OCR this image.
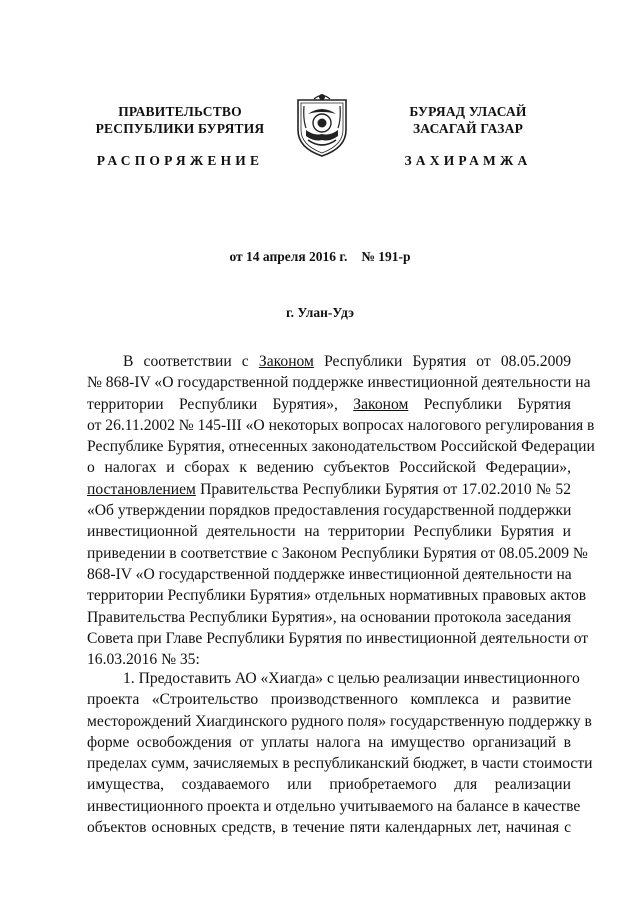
ПРАВИТЕЛЬСТВО
РЕСПУБЛИКИ БУРЯТИЯ
БУРЯАД УЛАСАЙ
ЗАСАГАЙ ГАЗАР
РАСПОРЯЖЕНИЕ	ЗАХИРАМЖА
от 14 апреля 2016 г. № 191-р
г. Улан-Удэ
В соответствии с Законом Республики Бурятия от 08.05.2009
№ 868-IV «О государственной поддержке инвестиционной деятельности на
территории Республики Бурятия», Законом Республики Бурятия
от 26.11.2002 № 145-III «О некоторых вопросах налогового регулирования в
Республике Бурятия, отнесенных законодательством Российской Федерации
о налогах и сборах к ведению субъектов Российской Федерации»,
постановлением Правительства Республики Бурятия от 17.02.2010 № 52
«Об утверждении порядков предоставления государственной поддержки
инвестиционной деятельности на территории Республики Бурятия и
приведении в соответствие с Законом Республики Бурятия от 08.05.2009 №
868-IV «О государственной поддержке инвестиционной деятельности на
территории Республики Бурятия» отдельных нормативных правовых актов
Правительства Республики Бурятия», на основании протокола заседания
Совета при Главе Республики Бурятия по инвестиционной деятельности от
16.03.2016 № 35:
1. Предоставить АО «Хиагда» с целью реализации инвестиционного
проекта «Строительство производственного комплекса и развитие
месторождений Хиагдинского рудного поля» государственную поддержку в
форме освобождения от уплаты налога на имущество организаций в
пределах сумм, зачисляемых в республиканский бюджет, в части стоимости
имущества, создаваемого или приобретаемого для реализации
инвестиционного проекта и отдельно учитываемого на балансе в качестве
объектов основных средств, в течение пяти календарных лет, начиная с
